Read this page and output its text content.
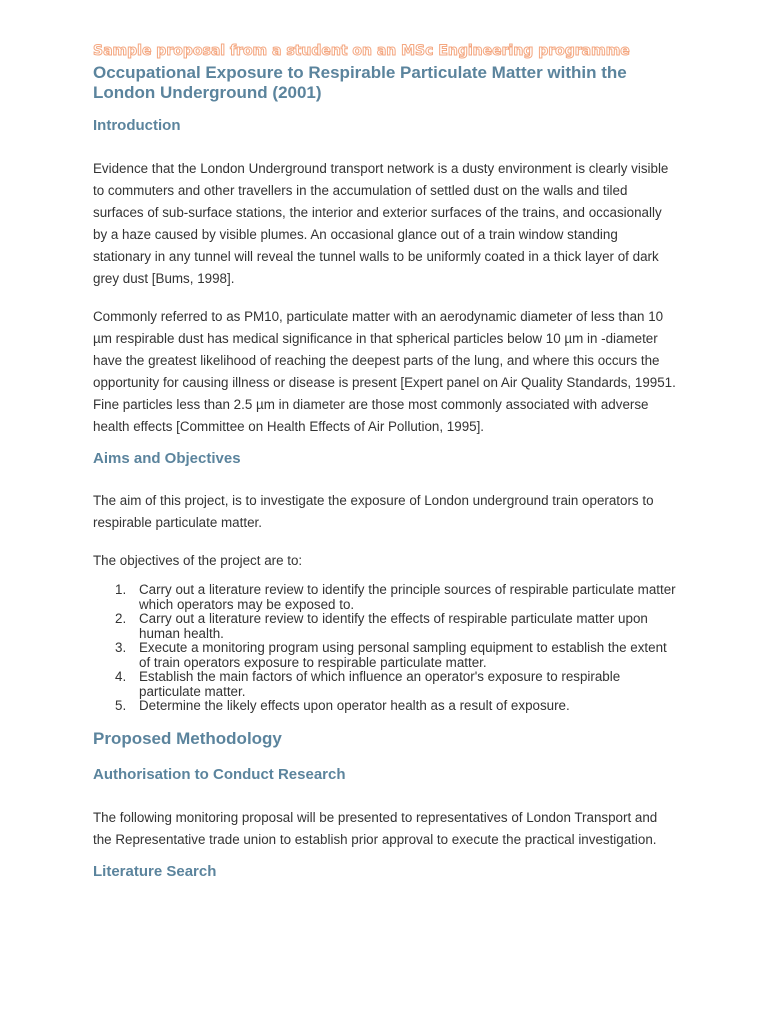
Sample proposal from a student on an MSc Engineering programme
Occupational Exposure to Respirable Particulate Matter within the London Underground (2001)
Introduction

Evidence that the London Underground transport network is a dusty environment is clearly visible to commuters and other travellers in the accumulation of settled dust on the walls and tiled surfaces of sub-surface stations, the interior and exterior surfaces of the trains, and occasionally by a haze caused by visible plumes. An occasional glance out of a train window standing stationary in any tunnel will reveal the tunnel walls to be uniformly coated in a thick layer of dark grey dust [Bums, 1998].

Commonly referred to as PM10, particulate matter with an aerodynamic diameter of less than 10 µm respirable dust has medical significance in that spherical particles below 10 µm in -diameter have the greatest likelihood of reaching the deepest parts of the lung, and where this occurs the opportunity for causing illness or disease is present [Expert panel on Air Quality Standards, 19951. Fine particles less than 2.5 µm in diameter are those most commonly associated with adverse health effects [Committee on Health Effects of Air Pollution, 1995].

Aims and Objectives

The aim of this project, is to investigate the exposure of London underground train operators to respirable particulate matter.

The objectives of the project are to:

1. Carry out a literature review to identify the principle sources of respirable particulate matter which operators may be exposed to.
2. Carry out a literature review to identify the effects of respirable particulate matter upon human health.
3. Execute a monitoring program using personal sampling equipment to establish the extent of train operators exposure to respirable particulate matter.
4. Establish the main factors of which influence an operator's exposure to respirable particulate matter.
5. Determine the likely effects upon operator health as a result of exposure.
Proposed Methodology
Authorisation to Conduct Research

The following monitoring proposal will be presented to representatives of London Transport and the Representative trade union to establish prior approval to execute the practical investigation.

Literature Search
